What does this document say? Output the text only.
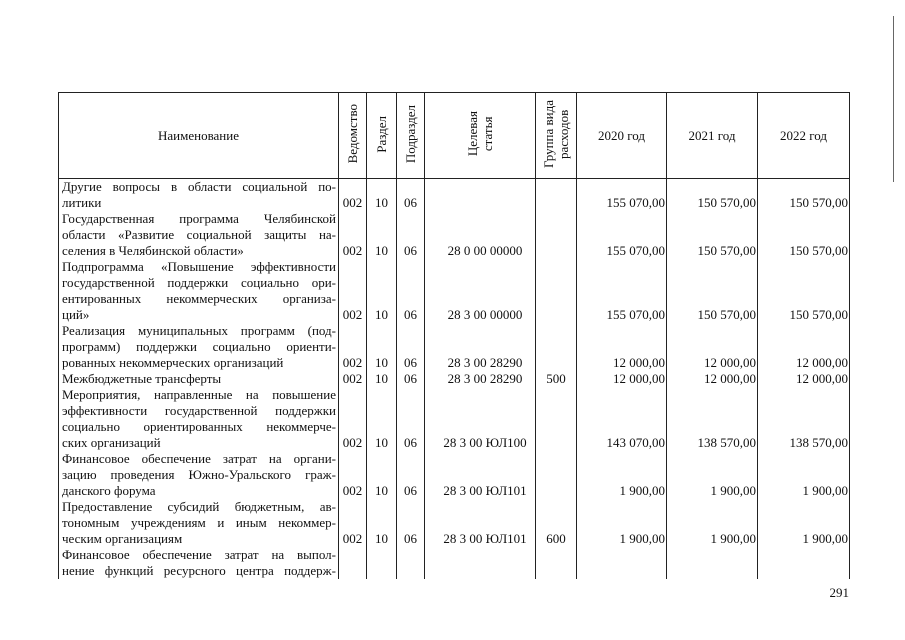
Наименование	Ведомство	Раздел	Подраздел	Целевая статья	Группа вида расходов	2020 год	2021 год	2022 год

Другие вопросы в области социальной по-
литики	002	10	06			155 070,00	150 570,00	150 570,00

Государственная программа Челябинской
области «Развитие социальной защиты на-
селения в Челябинской области»	002	10	06	28 0 00 00000		155 070,00	150 570,00	150 570,00

Подпрограмма «Повышение эффективности
государственной поддержки социально ори-
ентированных некоммерческих организа-
ций»	002	10	06	28 3 00 00000		155 070,00	150 570,00	150 570,00

Реализация муниципальных программ (под-
программ) поддержки социально ориенти-
рованных некоммерческих организаций	002	10	06	28 3 00 28290		12 000,00	12 000,00	12 000,00

Межбюджетные трансферты	002	10	06	28 3 00 28290	500	12 000,00	12 000,00	12 000,00

Мероприятия, направленные на повышение
эффективности государственной поддержки
социально ориентированных некоммерче-
ских организаций	002	10	06	28 3 00 ЮЛ100		143 070,00	138 570,00	138 570,00

Финансовое обеспечение затрат на органи-
зацию проведения Южно-Уральского граж-
данского форума	002	10	06	28 3 00 ЮЛ101		1 900,00	1 900,00	1 900,00

Предоставление субсидий бюджетным, ав-
тономным учреждениям и иным некоммер-
ческим организациям	002	10	06	28 3 00 ЮЛ101	600	1 900,00	1 900,00	1 900,00

Финансовое обеспечение затрат на выпол-
нение функций ресурсного центра поддерж-								

291
